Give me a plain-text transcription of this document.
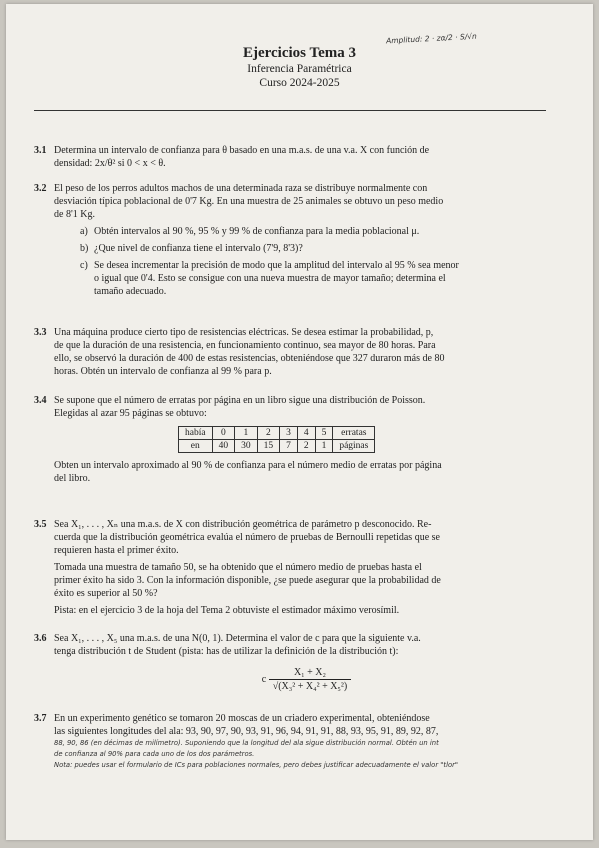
Amplitud: 2 · zα/2 · S/√n
Ejercicios Tema 3
Inferencia Paramétrica
Curso 2024-2025
3.1 Determina un intervalo de confianza para θ basado en una m.a.s. de una v.a. X con función de

densidad: 2x/θ² si 0 < x < θ.

3.2 El peso de los perros adultos machos de una determinada raza se distribuye normalmente con

desviación típica poblacional de 0'7 Kg. En una muestra de 25 animales se obtuvo un peso medio

de 8'1 Kg.

a) Obtén intervalos al 90 %, 95 % y 99 % de confianza para la media poblacional μ.

b) ¿Que nivel de confianza tiene el intervalo (7'9, 8'3)?

c) Se desea incrementar la precisión de modo que la amplitud del intervalo al 95 % sea menor

o igual que 0'4. Esto se consigue con una nueva muestra de mayor tamaño; determina el

tamaño adecuado.

3.3 Una máquina produce cierto tipo de resistencias eléctricas. Se desea estimar la probabilidad, p,

de que la duración de una resistencia, en funcionamiento continuo, sea mayor de 80 horas. Para

ello, se observó la duración de 400 de estas resistencias, obteniéndose que 327 duraron más de 80

horas. Obtén un intervalo de confianza al 99 % para p.

3.4 Se supone que el número de erratas por página en un libro sigue una distribución de Poisson.

Elegidas al azar 95 páginas se obtuvo:

había	0	1	2	3	4	5	erratas
en	40	30	15	7	2	1	páginas

Obten un intervalo aproximado al 90 % de confianza para el número medio de erratas por página

del libro.

3.5 Sea X₁, . . . , Xₙ una m.a.s. de X con distribución geométrica de parámetro p desconocido. Re-

cuerda que la distribución geométrica evalúa el número de pruebas de Bernoulli repetidas que se

requieren hasta el primer éxito.

Tomada una muestra de tamaño 50, se ha obtenido que el número medio de pruebas hasta el

primer éxito ha sido 3. Con la información disponible, ¿se puede asegurar que la probabilidad de

éxito es superior al 50 %?

Pista: en el ejercicio 3 de la hoja del Tema 2 obtuviste el estimador máximo verosímil.

3.6 Sea X₁, . . . , X₅ una m.a.s. de una N(0, 1). Determina el valor de c para que la siguiente v.a.

tenga distribución t de Student (pista: has de utilizar la definición de la distribución t):

c $\frac{\text{X₁ + X₂}}{\text{√(X₃² + X₄² + X₅²)}}$
3.7 En un experimento genético se tomaron 20 moscas de un criadero experimental, obteniéndose

las siguientes longitudes del ala: 93, 90, 97, 90, 93, 91, 96, 94, 91, 91, 88, 93, 95, 91, 89, 92, 87,

88, 90, 86 (en décimas de milímetro). Suponiendo que la longitud del ala sigue distribución normal. Obtén un int

de confianza al 90% para cada uno de los dos parámetros.

Nota: puedes usar el formulario de ICs para poblaciones normales, pero debes justificar adecuadamente el valor "tlor"
